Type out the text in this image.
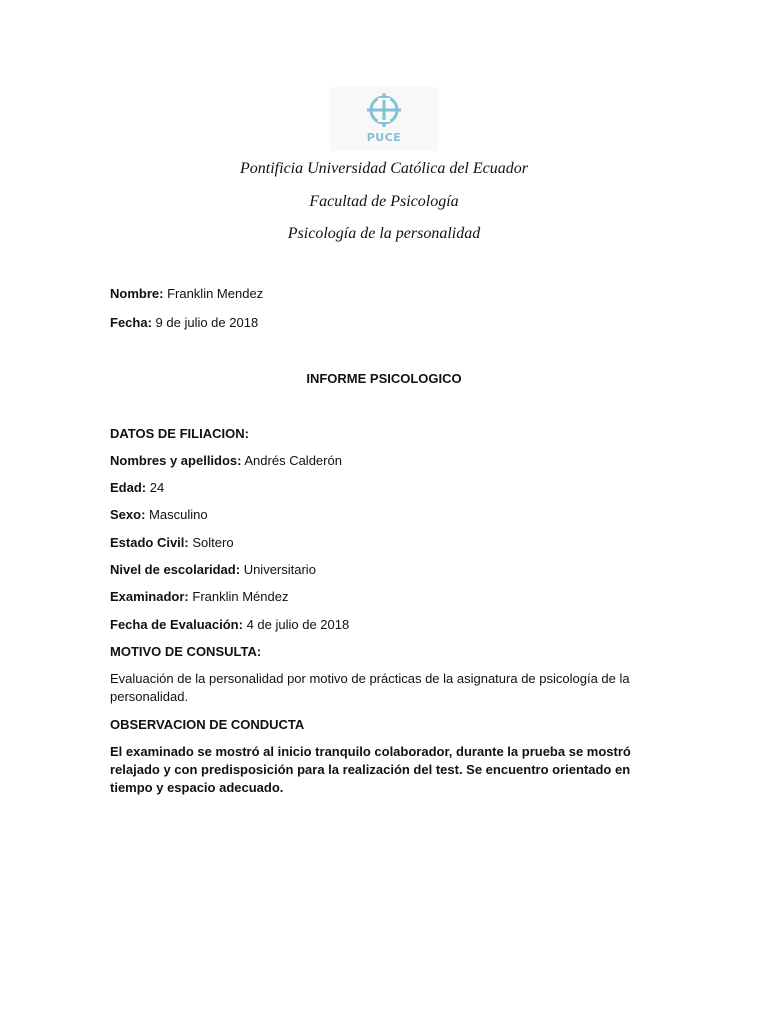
PUCE
Pontificia Universidad Católica del Ecuador
Facultad de Psicología
Psicología de la personalidad
Nombre: Franklin Mendez
Fecha: 9 de julio de 2018
INFORME PSICOLOGICO
DATOS DE FILIACION:
Nombres y apellidos: Andrés Calderón
Edad: 24
Sexo: Masculino
Estado Civil: Soltero
Nivel de escolaridad: Universitario
Examinador: Franklin Méndez
Fecha de Evaluación: 4 de julio de 2018
MOTIVO DE CONSULTA:
Evaluación de la personalidad por motivo de prácticas de la asignatura de psicología de la personalidad.
OBSERVACION DE CONDUCTA
El examinado se mostró al inicio tranquilo colaborador, durante la prueba se mostró relajado y con predisposición para la realización del test. Se encuentro orientado en tiempo y espacio adecuado.
